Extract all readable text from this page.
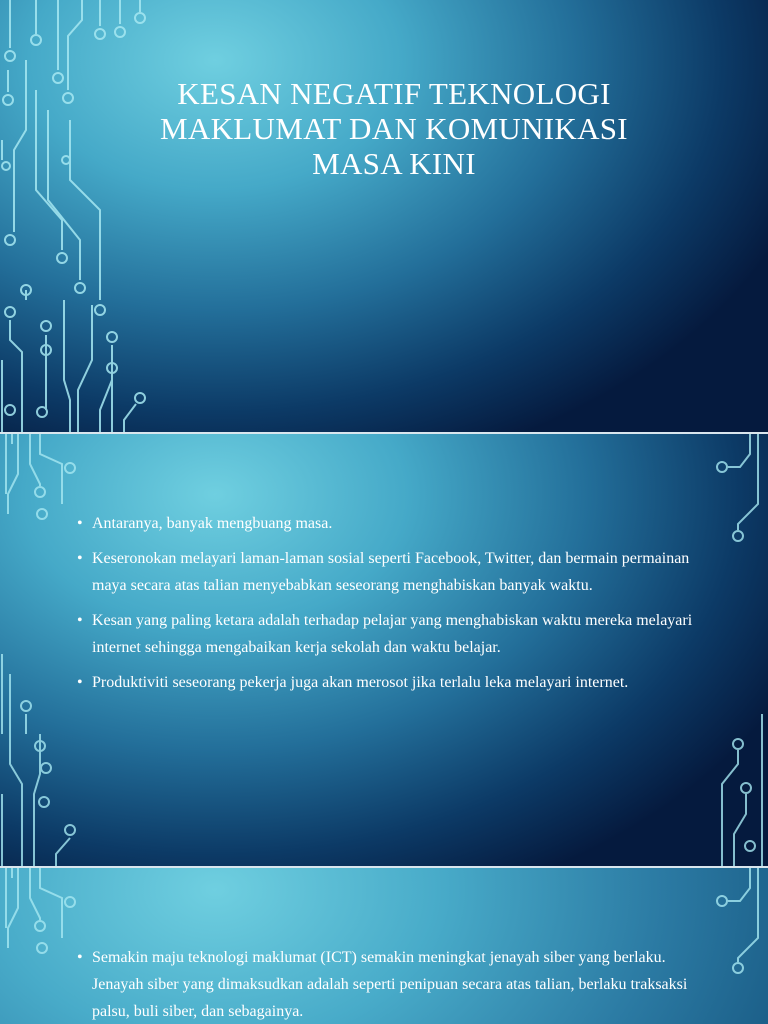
KESAN NEGATIF TEKNOLOGI
MAKLUMAT DAN KOMUNIKASI
MASA KINI
• Antaranya, banyak mengbuang masa.
• Keseronokan melayari laman-laman sosial seperti Facebook, Twitter, dan bermain permainan maya secara atas talian menyebabkan seseorang menghabiskan banyak waktu.
• Kesan yang paling ketara adalah terhadap pelajar yang menghabiskan waktu mereka melayari internet sehingga mengabaikan kerja sekolah dan waktu belajar.
• Produktiviti seseorang pekerja juga akan merosot jika terlalu leka melayari internet.
• Semakin maju teknologi maklumat (ICT) semakin meningkat jenayah siber yang berlaku. Jenayah siber yang dimaksudkan adalah seperti penipuan secara atas talian, berlaku traksaksi palsu, buli siber, dan sebagainya.
